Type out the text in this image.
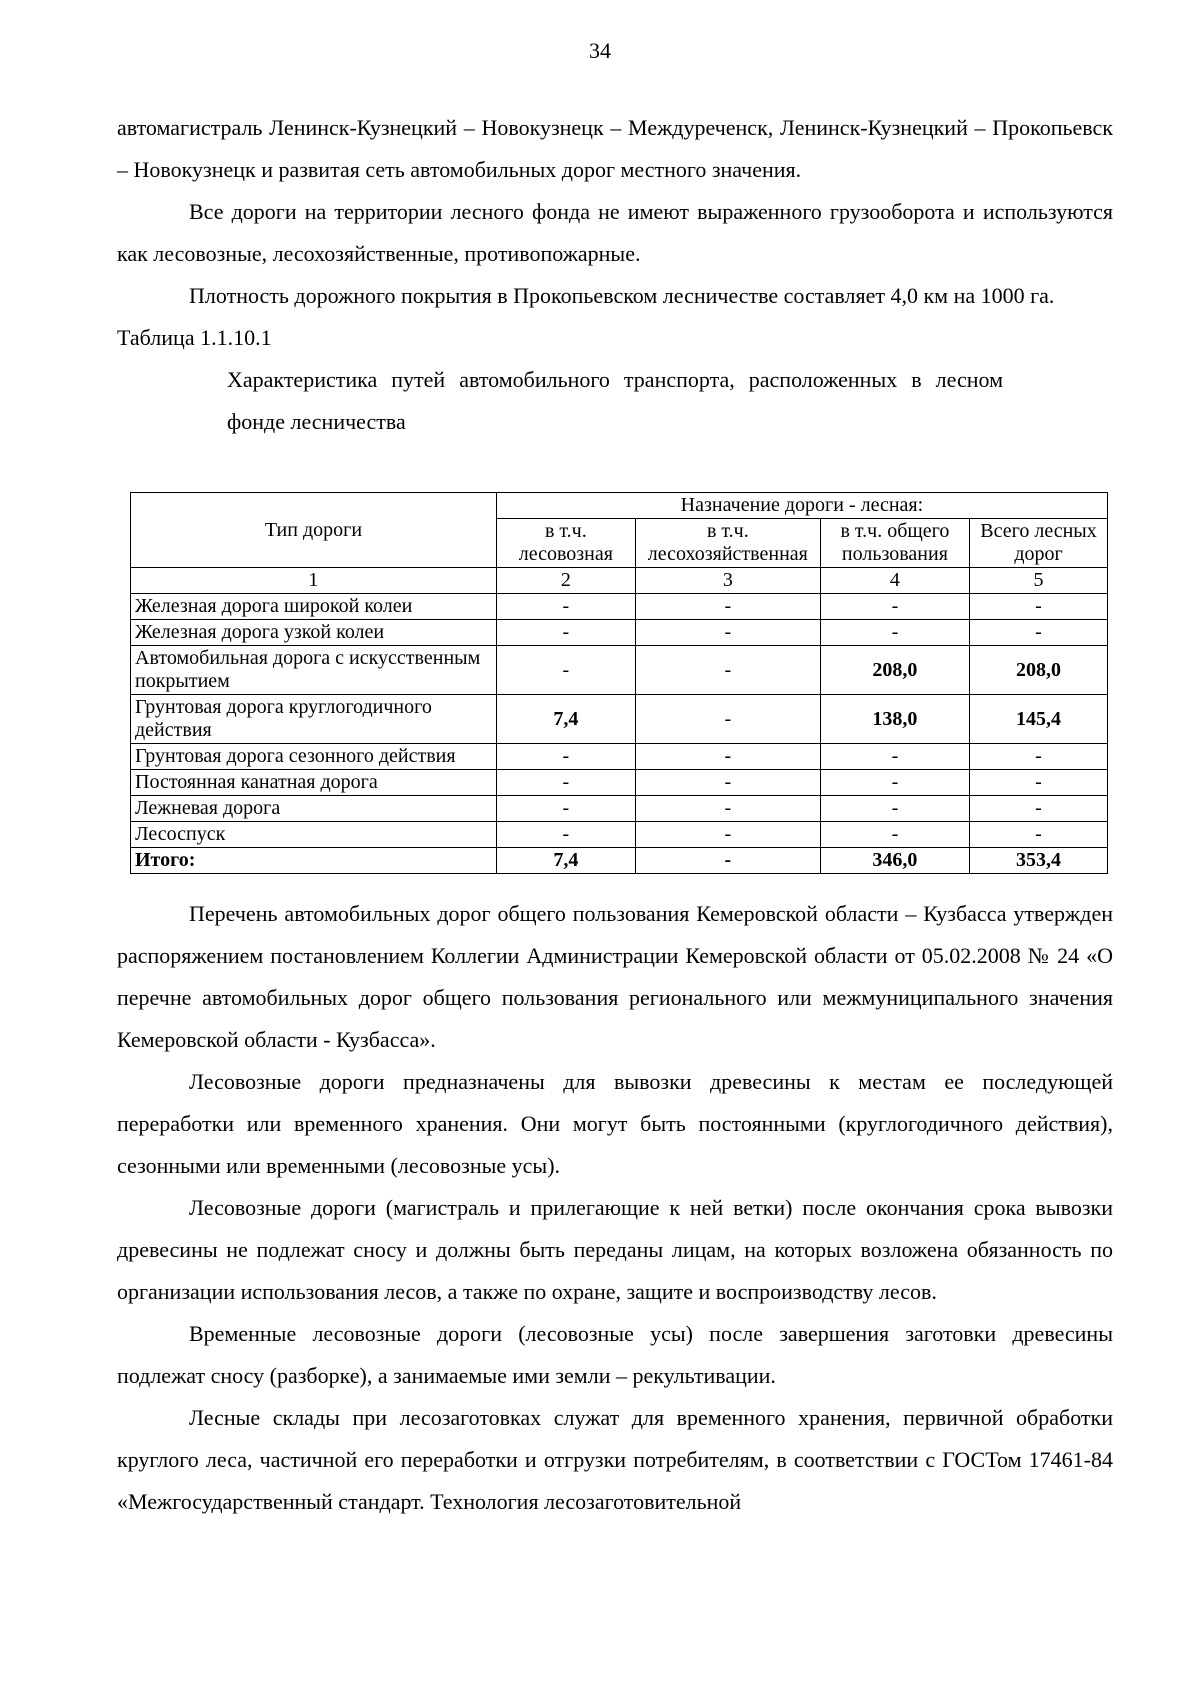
34

автомагистраль Ленинск-Кузнецкий – Новокузнецк – Междуреченск, Ленинск-Кузнецкий – Прокопьевск – Новокузнецк и развитая сеть автомобильных дорог местного значения.

Все дороги на территории лесного фонда не имеют выраженного грузооборота и используются как лесовозные, лесохозяйственные, противопожарные.

Плотность дорожного покрытия в Прокопьевском лесничестве составляет 4,0 км на 1000 га.

Таблица 1.1.10.1

Характеристика путей автомобильного транспорта, расположенных в лесном фонде лесничества

Тип дороги	Назначение дороги - лесная:			
	в т.ч. лесовозная	в т.ч. лесохозяйственная	в т.ч. общего пользования	Всего лесных дорог
1	2	3	4	5
Железная дорога широкой колеи	-	-	-	-
Железная дорога узкой колеи	-	-	-	-
Автомобильная дорога с искусственным покрытием	-	-	208,0	208,0
Грунтовая дорога круглогодичного действия	7,4	-	138,0	145,4
Грунтовая дорога сезонного действия	-	-	-	-
Постоянная канатная дорога	-	-	-	-
Лежневая дорога	-	-	-	-
Лесоспуск	-	-	-	-
Итого:	7,4	-	346,0	353,4

Перечень автомобильных дорог общего пользования Кемеровской области – Кузбасса утвержден распоряжением постановлением Коллегии Администрации Кемеровской области от 05.02.2008 № 24 «О перечне автомобильных дорог общего пользования регионального или межмуниципального значения Кемеровской области - Кузбасса».

Лесовозные дороги предназначены для вывозки древесины к местам ее последующей переработки или временного хранения. Они могут быть постоянными (круглогодичного действия), сезонными или временными (лесовозные усы).

Лесовозные дороги (магистраль и прилегающие к ней ветки) после окончания срока вывозки древесины не подлежат сносу и должны быть переданы лицам, на которых возложена обязанность по организации использования лесов, а также по охране, защите и воспроизводству лесов.

Временные лесовозные дороги (лесовозные усы) после завершения заготовки древесины подлежат сносу (разборке), а занимаемые ими земли – рекультивации.

Лесные склады при лесозаготовках служат для временного хранения, первичной обработки круглого леса, частичной его переработки и отгрузки потребителям, в соответствии с ГОСТом 17461-84 «Межгосударственный стандарт. Технология лесозаготовительной
